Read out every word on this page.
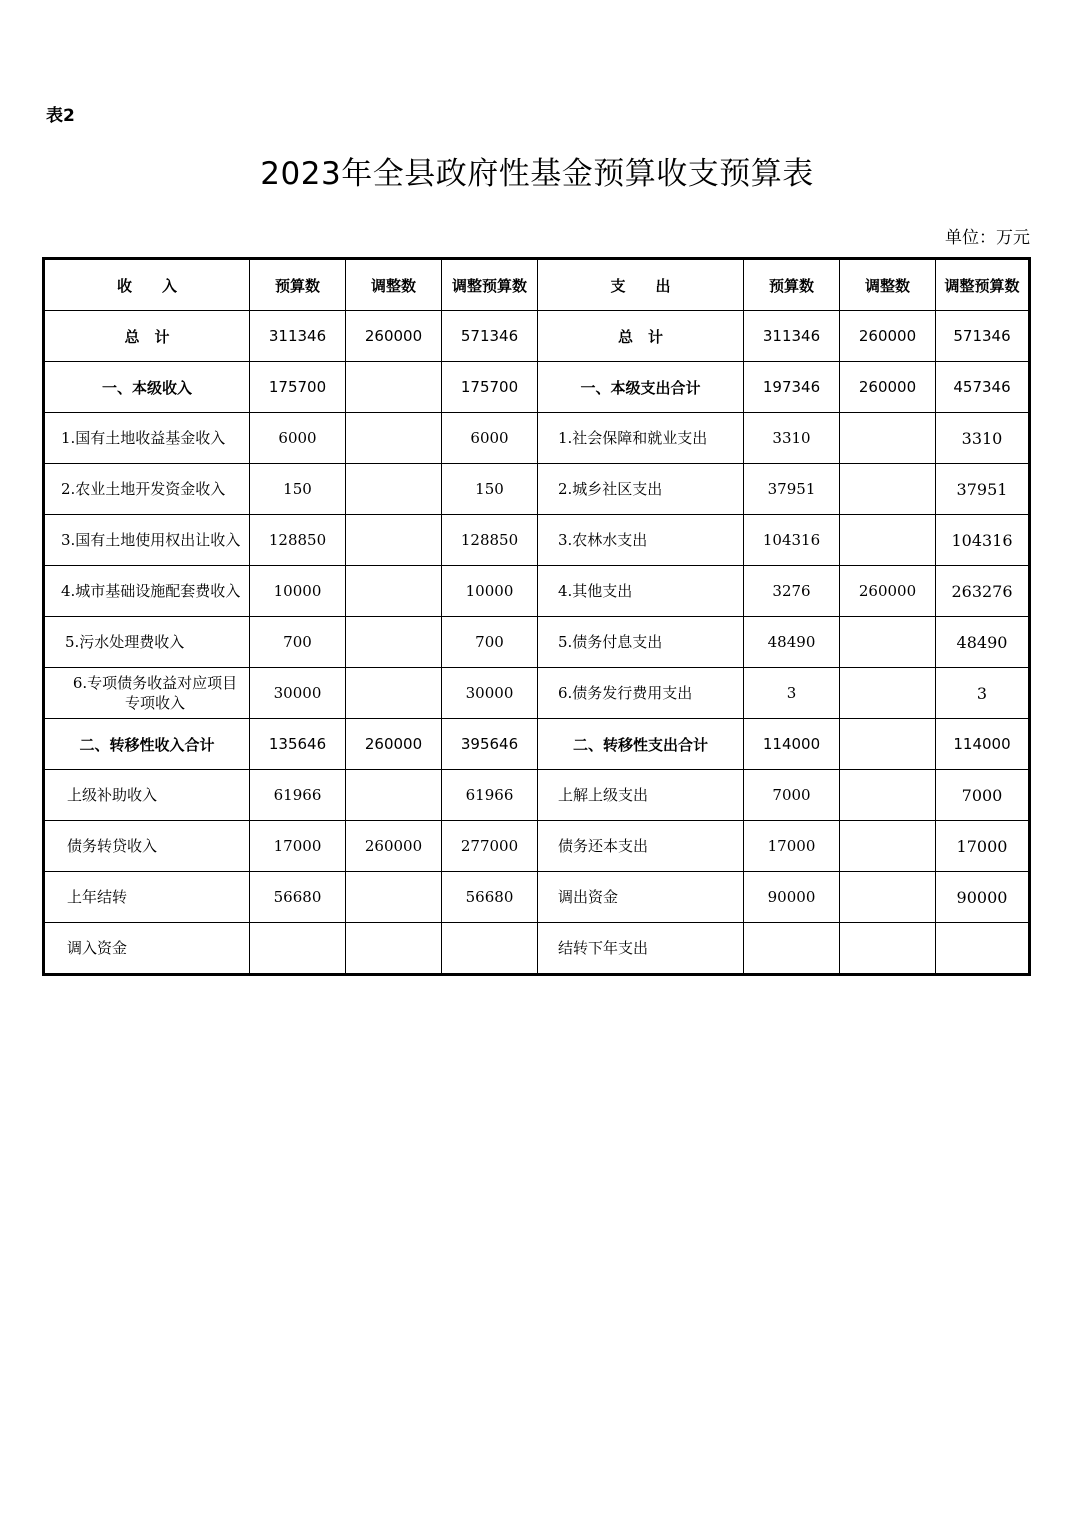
表2
2023年全县政府性基金预算收支预算表
单位：万元
收　　入	预算数	调整数	调整预算数	支　　出	预算数	调整数	调整预算数
总　计	311346	260000	571346	总　计	311346	260000	571346
一、本级收入	175700		175700	一、本级支出合计	197346	260000	457346

1.国有土地收益基金收入	6000		6000	1.社会保障和就业支出	3310		3310

2.农业土地开发资金收入	150		150	2.城乡社区支出	37951		37951

3.国有土地使用权出让收入	128850		128850	3.农林水支出	104316		104316

4.城市基础设施配套费收入	10000		10000	4.其他支出	3276	260000	263276
5.污水处理费收入	700		700	5.债务付息支出	48490		48490

6.专项债务收益对应项目专项收入	30000		30000	6.债务发行费用支出	3		3
二、转移性收入合计	135646	260000	395646	二、转移性支出合计	114000		114000
上级补助收入	61966		61966	上解上级支出	7000		7000
债务转贷收入	17000	260000	277000	债务还本支出	17000		17000
上年结转	56680		56680	调出资金	90000		90000
调入资金				结转下年支出			
